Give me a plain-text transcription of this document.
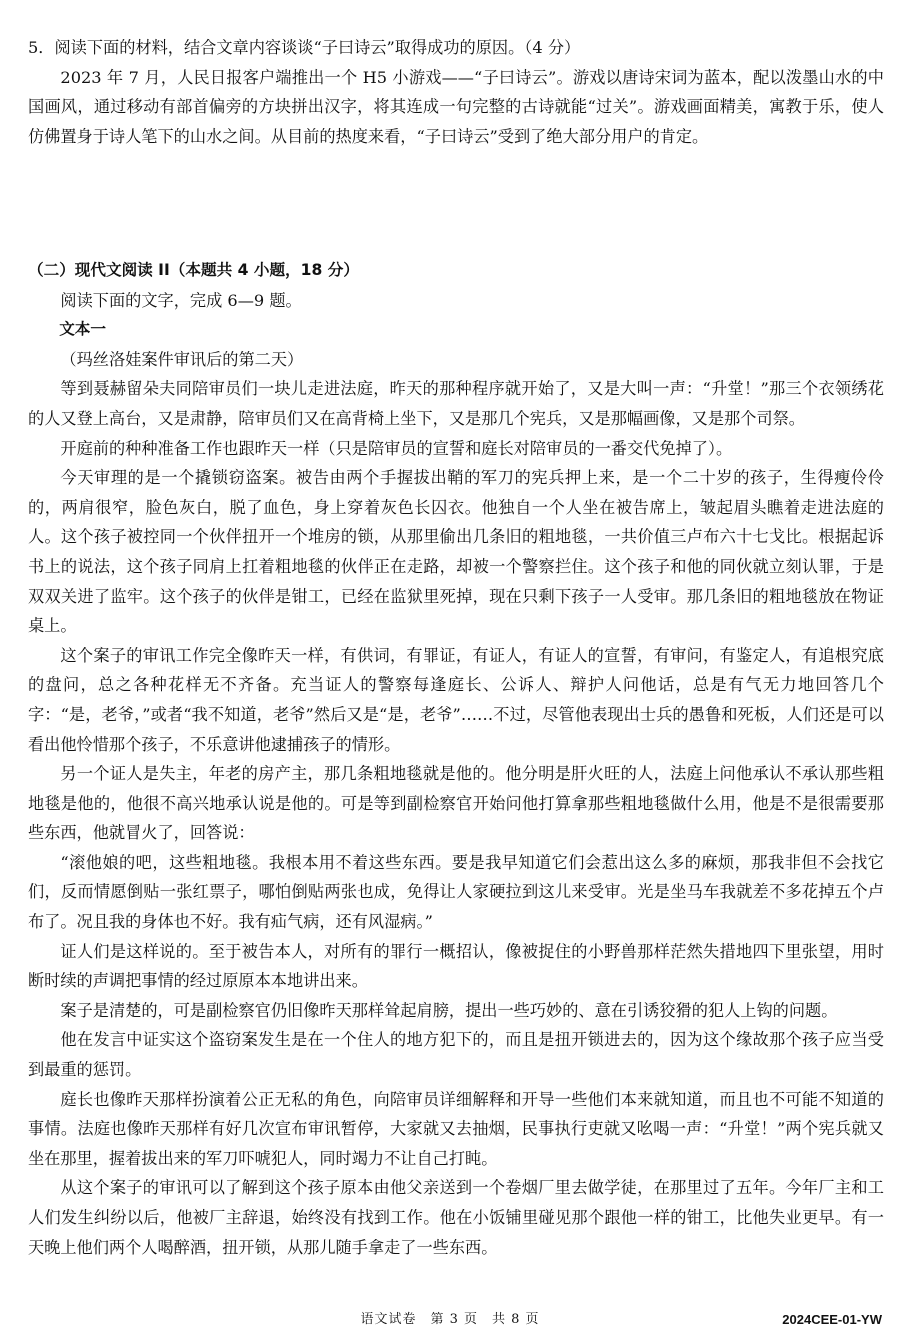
5．阅读下面的材料，结合文章内容谈谈“子曰诗云”取得成功的原因。（4 分）

2023 年 7 月，人民日报客户端推出一个 H5 小游戏——“子曰诗云”。游戏以唐诗宋词为蓝本，配以泼墨山水的中国画风，通过移动有部首偏旁的方块拼出汉字，将其连成一句完整的古诗就能“过关”。游戏画面精美，寓教于乐，使人仿佛置身于诗人笔下的山水之间。从目前的热度来看，“子曰诗云”受到了绝大部分用户的肯定。

（二）现代文阅读 II（本题共 4 小题，18 分）

阅读下面的文字，完成 6—9 题。

文本一

（玛丝洛娃案件审讯后的第二天）

等到聂赫留朵夫同陪审员们一块儿走进法庭，昨天的那种程序就开始了，又是大叫一声：“升堂！”那三个衣领绣花的人又登上高台，又是肃静，陪审员们又在高背椅上坐下，又是那几个宪兵，又是那幅画像，又是那个司祭。

开庭前的种种准备工作也跟昨天一样（只是陪审员的宣誓和庭长对陪审员的一番交代免掉了）。

今天审理的是一个撬锁窃盗案。被告由两个手握拔出鞘的军刀的宪兵押上来，是一个二十岁的孩子，生得瘦伶伶的，两肩很窄，脸色灰白，脱了血色，身上穿着灰色长囚衣。他独自一个人坐在被告席上，皱起眉头瞧着走进法庭的人。这个孩子被控同一个伙伴扭开一个堆房的锁，从那里偷出几条旧的粗地毯，一共价值三卢布六十七戈比。根据起诉书上的说法，这个孩子同肩上扛着粗地毯的伙伴正在走路，却被一个警察拦住。这个孩子和他的同伙就立刻认罪，于是双双关进了监牢。这个孩子的伙伴是钳工，已经在监狱里死掉，现在只剩下孩子一人受审。那几条旧的粗地毯放在物证桌上。

这个案子的审讯工作完全像昨天一样，有供词，有罪证，有证人，有证人的宣誓，有审问，有鉴定人，有追根究底的盘问，总之各种花样无不齐备。充当证人的警察每逢庭长、公诉人、辩护人问他话，总是有气无力地回答几个字：“是，老爷，”或者“我不知道，老爷”然后又是“是，老爷”……不过，尽管他表现出士兵的愚鲁和死板，人们还是可以看出他怜惜那个孩子，不乐意讲他逮捕孩子的情形。

另一个证人是失主，年老的房产主，那几条粗地毯就是他的。他分明是肝火旺的人，法庭上问他承认不承认那些粗地毯是他的，他很不高兴地承认说是他的。可是等到副检察官开始问他打算拿那些粗地毯做什么用，他是不是很需要那些东西，他就冒火了，回答说：

“滚他娘的吧，这些粗地毯。我根本用不着这些东西。要是我早知道它们会惹出这么多的麻烦，那我非但不会找它们，反而情愿倒贴一张红票子，哪怕倒贴两张也成，免得让人家硬拉到这儿来受审。光是坐马车我就差不多花掉五个卢布了。况且我的身体也不好。我有疝气病，还有风湿病。”

证人们是这样说的。至于被告本人，对所有的罪行一概招认，像被捉住的小野兽那样茫然失措地四下里张望，用时断时续的声调把事情的经过原原本本地讲出来。

案子是清楚的，可是副检察官仍旧像昨天那样耸起肩膀，提出一些巧妙的、意在引诱狡猾的犯人上钩的问题。

他在发言中证实这个盗窃案发生是在一个住人的地方犯下的，而且是扭开锁进去的，因为这个缘故那个孩子应当受到最重的惩罚。

庭长也像昨天那样扮演着公正无私的角色，向陪审员详细解释和开导一些他们本来就知道，而且也不可能不知道的事情。法庭也像昨天那样有好几次宣布审讯暂停，大家就又去抽烟，民事执行吏就又吆喝一声：“升堂！”两个宪兵就又坐在那里，握着拔出来的军刀吓唬犯人，同时竭力不让自己打盹。

从这个案子的审讯可以了解到这个孩子原本由他父亲送到一个卷烟厂里去做学徒，在那里过了五年。今年厂主和工人们发生纠纷以后，他被厂主辞退，始终没有找到工作。他在小饭铺里碰见那个跟他一样的钳工，比他失业更早。有一天晚上他们两个人喝醉酒，扭开锁，从那儿随手拿走了一些东西。

语文试卷　第 3 页　共 8 页	2024CEE-01-YW
